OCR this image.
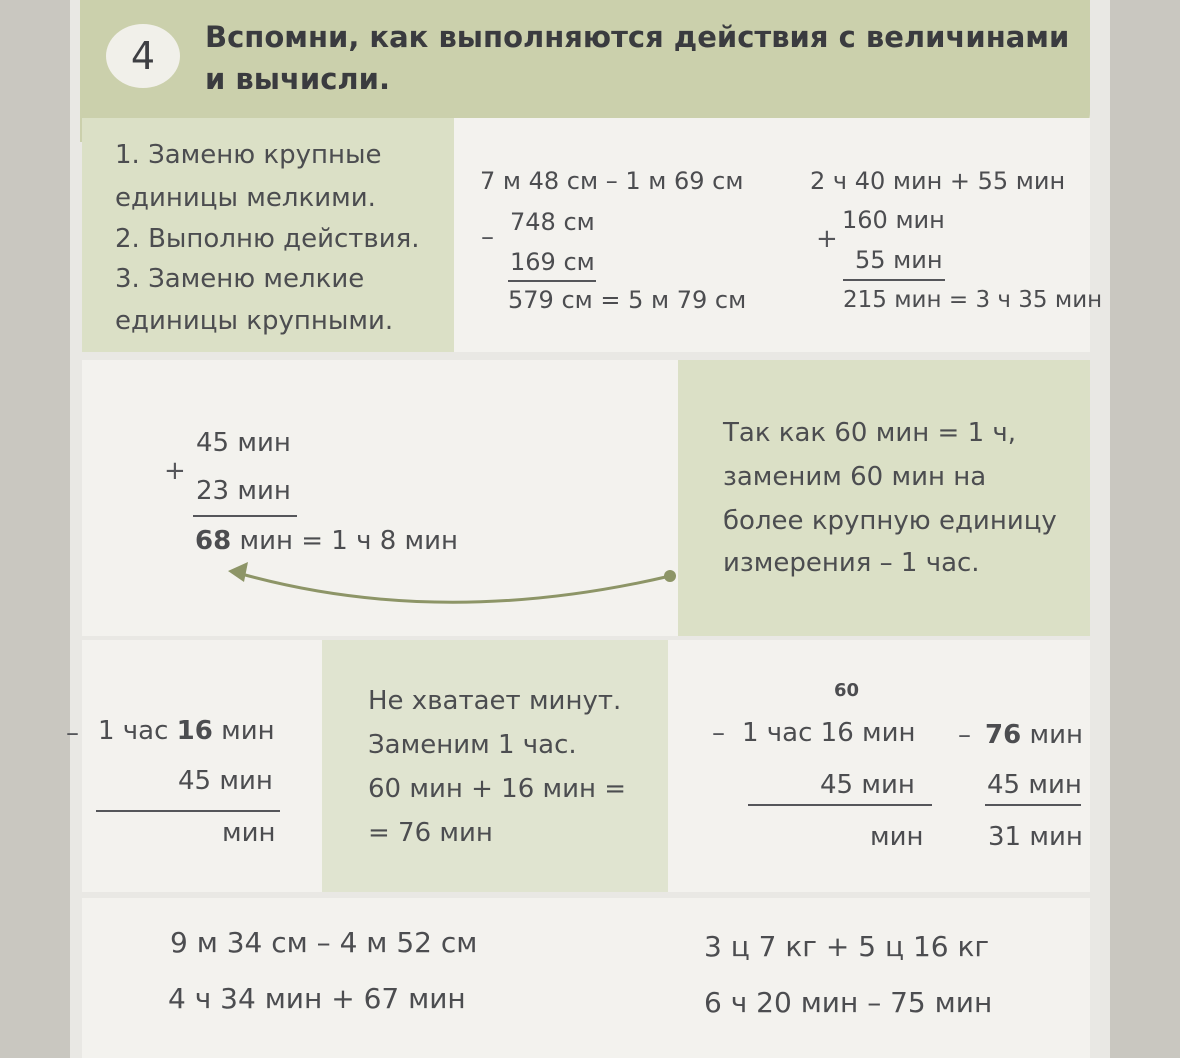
4	Вспомни, как выполняются действия с величинами
и вычисли.
1. Заменю крупные
единицы мелкими.
2. Выполню действия.
3. Заменю мелкие
единицы крупными.
7 м 48 см – 1 м 69 см
– 748 см
169 см
579 см = 5 м 79 см
2 ч 40 мин + 55 мин
+
160 мин
55 мин
215 мин = 3 ч 35 мин
+
45 мин
23 мин
68 мин = 1 ч 8 мин
Так как 60 мин = 1 ч,
заменим 60 мин на
более крупную единицу
измерения – 1 час.
– 1 час 16 мин
45 мин
мин
Не хватает минут.
Заменим 1 час.
60 мин + 16 мин =
= 76 мин
60
– 1 час 16 мин
45 мин
мин
– 76 мин
45 мин
31 мин
9 м 34 см – 4 м 52 см
4 ч 34 мин + 67 мин
3 ц 7 кг + 5 ц 16 кг
6 ч 20 мин – 75 мин
